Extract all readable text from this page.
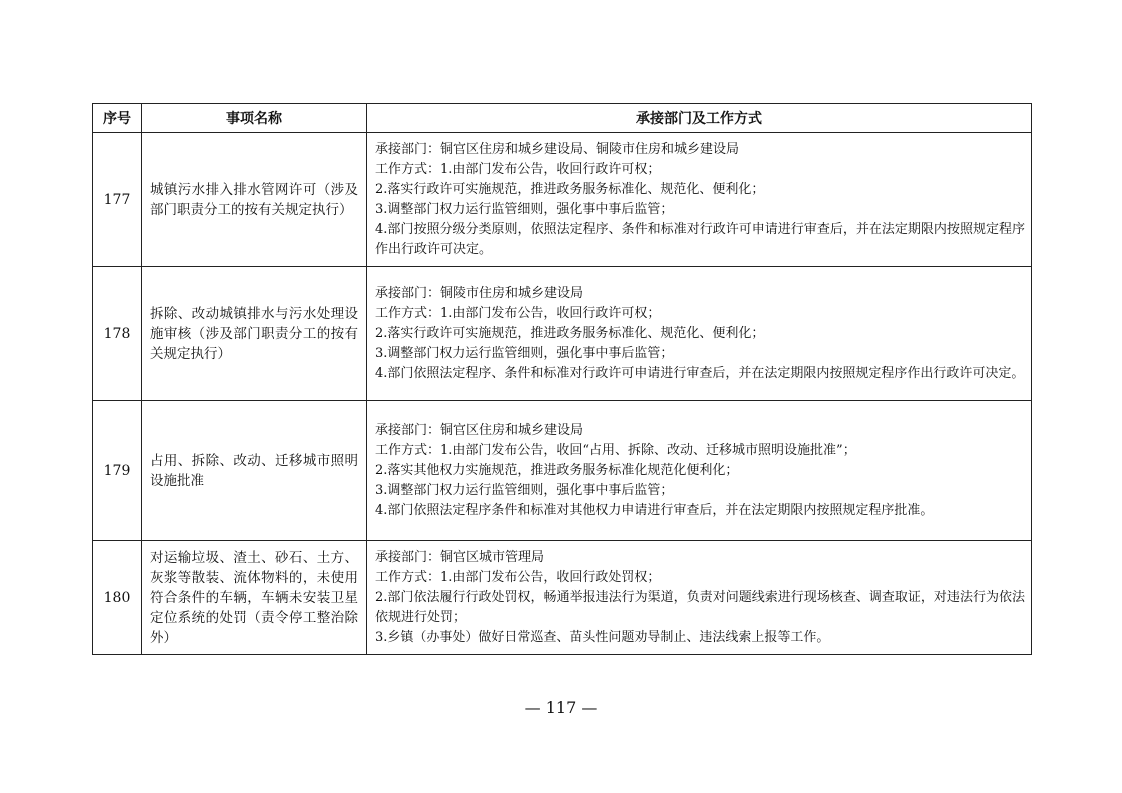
序号	事项名称	承接部门及工作方式
177	城镇污水排入排水管网许可（涉及部门职责分工的按有关规定执行）	承接部门：铜官区住房和城乡建设局、铜陵市住房和城乡建设局
工作方式：1.由部门发布公告，收回行政许可权；
2.落实行政许可实施规范，推进政务服务标准化、规范化、便利化；
3.调整部门权力运行监管细则，强化事中事后监管；
4.部门按照分级分类原则，依照法定程序、条件和标准对行政许可申请进行审查后，并在法定期限内按照规定程序作出行政许可决定。

178	拆除、改动城镇排水与污水处理设施审核（涉及部门职责分工的按有关规定执行）	承接部门：铜陵市住房和城乡建设局
工作方式：1.由部门发布公告，收回行政许可权；
2.落实行政许可实施规范，推进政务服务标准化、规范化、便利化；
3.调整部门权力运行监管细则，强化事中事后监管；
4.部门依照法定程序、条件和标准对行政许可申请进行审查后，并在法定期限内按照规定程序作出行政许可决定。

179	占用、拆除、改动、迁移城市照明设施批准	承接部门：铜官区住房和城乡建设局
工作方式：1.由部门发布公告，收回“占用、拆除、改动、迁移城市照明设施批准”；
2.落实其他权力实施规范，推进政务服务标准化规范化便利化；
3.调整部门权力运行监管细则，强化事中事后监管；
4.部门依照法定程序条件和标准对其他权力申请进行审查后，并在法定期限内按照规定程序批准。

180	对运输垃圾、渣土、砂石、土方、灰浆等散装、流体物料的，未使用符合条件的车辆，车辆未安装卫星定位系统的处罚（责令停工整治除外）	承接部门：铜官区城市管理局
工作方式：1.由部门发布公告，收回行政处罚权；
2.部门依法履行行政处罚权，畅通举报违法行为渠道，负责对问题线索进行现场核查、调查取证，对违法行为依法依规进行处罚；
3.乡镇（办事处）做好日常巡查、苗头性问题劝导制止、违法线索上报等工作。
— 117 —
